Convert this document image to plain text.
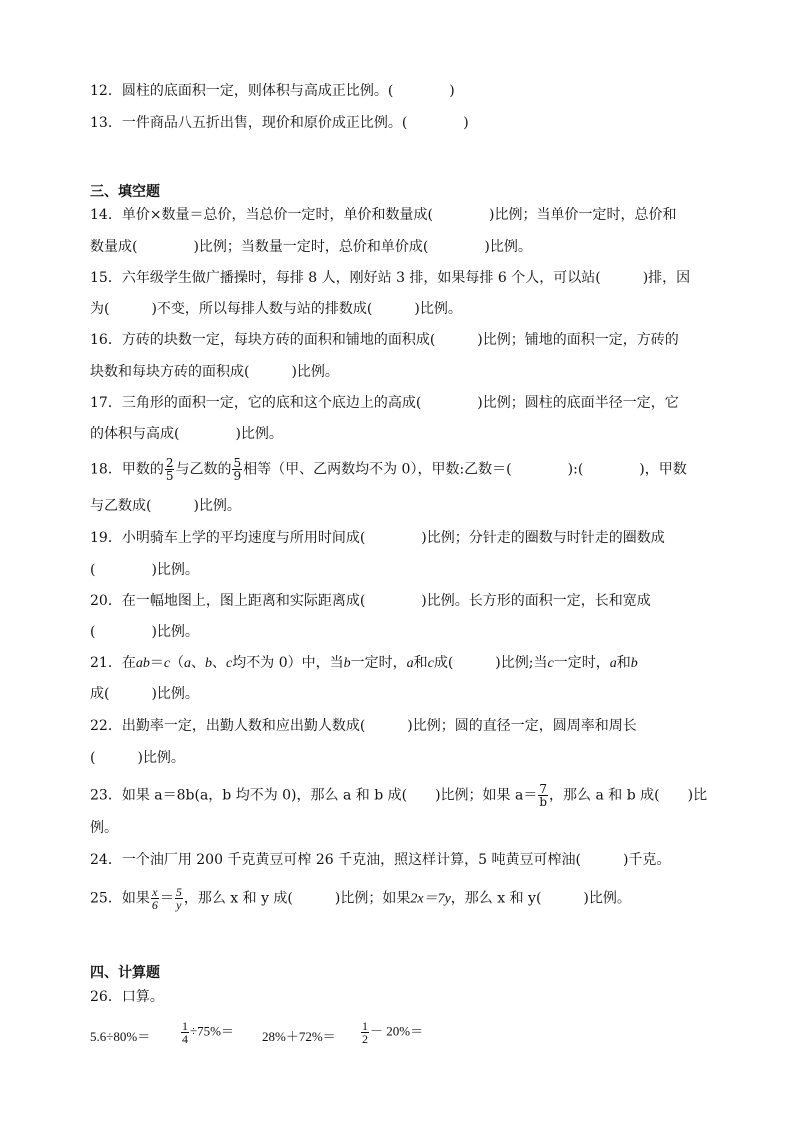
12．圆柱的底面积一定，则体积与高成正比例。(　　　　)
13．一件商品八五折出售，现价和原价成正比例。(　　　　)
三、填空题
14．单价×数量＝总价，当总价一定时，单价和数量成(　　　　)比例；当单价一定时，总价和
数量成(　　　　)比例；当数量一定时，总价和单价成(　　　　)比例。
15．六年级学生做广播操时，每排 8 人，刚好站 3 排，如果每排 6 个人，可以站(　　　)排，因
为(　　　)不变，所以每排人数与站的排数成(　　　)比例。
16．方砖的块数一定，每块方砖的面积和铺地的面积成(　　　)比例；铺地的面积一定，方砖的
块数和每块方砖的面积成(　　　)比例。
17．三角形的面积一定，它的底和这个底边上的高成(　　　　)比例；圆柱的底面半径一定，它
的体积与高成(　　　　)比例。
18．甲数的 $\frac{2}{5}$ 与乙数的 $\frac{5}{9}$ 相等（甲、乙两数均不为 0），甲数:乙数＝(　　　　):(　　　　)，甲数
与乙数成(　　　)比例。
19．小明骑车上学的平均速度与所用时间成(　　　　)比例；分针走的圈数与时针走的圈数成
(　　　　)比例。
20．在一幅地图上，图上距离和实际距离成(　　　　)比例。长方形的面积一定，长和宽成
(　　　　)比例。
21．在ab＝c（a、b、c均不为 0）中，当b一定时，a和c成(　　　)比例;当c一定时，a和b
成(　　　)比例。
22．出勤率一定，出勤人数和应出勤人数成(　　　)比例；圆的直径一定，圆周率和周长
(　　　)比例。
23．如果 a＝8b(a，b 均不为 0)，那么 a 和 b 成(　　)比例；如果 $a= \frac{7}{b}$ ，那么 a 和 b 成(　　)比
例。
24．一个油厂用 200 千克黄豆可榨 26 千克油，照这样计算，5 吨黄豆可榨油(　　　)千克。
25．如果 $\frac{x}{6} = \frac{5}{y}$ ，那么 x 和 y 成(　　　)比例；如果2x＝7y，那么 x 和 y(　　　)比例。
四、计算题
26．口算。
5.6÷80%＝	$\frac{1}{4} \div 75\%= 28\%+72\%= \frac{1}{2} - 20\%=$
